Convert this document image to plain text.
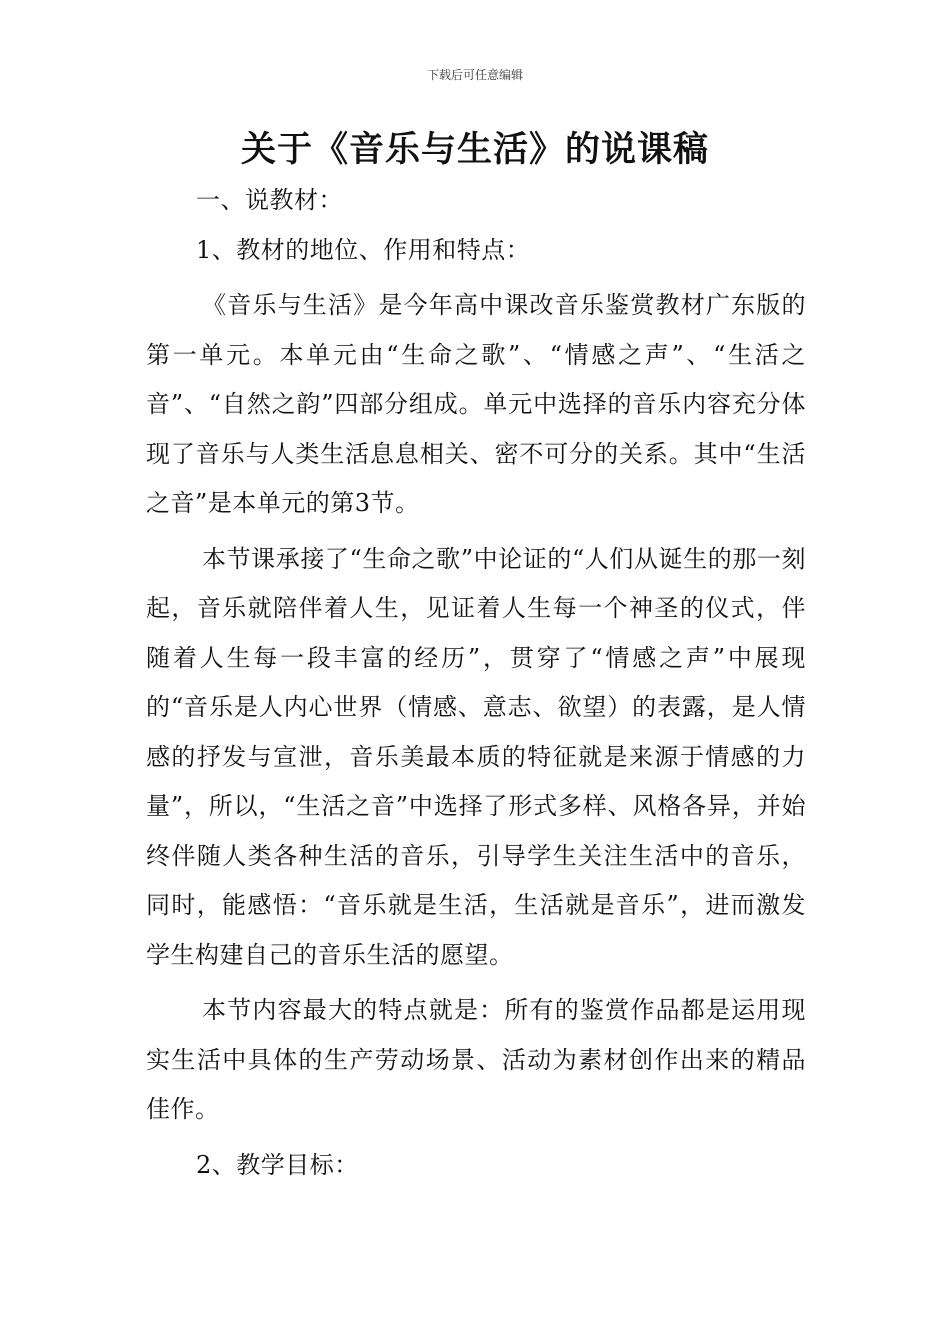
下载后可任意编辑
关于《音乐与生活》的说课稿

一、说教材：

1、教材的地位、作用和特点：

《音乐与生活》是今年高中课改音乐鉴赏教材广东版的第一单元。本单元由“生命之歌”、“情感之声”、“生活之音”、“自然之韵”四部分组成。单元中选择的音乐内容充分体现了音乐与人类生活息息相关、密不可分的关系。其中“生活之音”是本单元的第3节。

本节课承接了“生命之歌”中论证的“人们从诞生的那一刻起，音乐就陪伴着人生，见证着人生每一个神圣的仪式，伴随着人生每一段丰富的经历”，贯穿了“情感之声”中展现的“音乐是人内心世界（情感、意志、欲望）的表露，是人情感的抒发与宣泄，音乐美最本质的特征就是来源于情感的力量”，所以，“生活之音”中选择了形式多样、风格各异，并始终伴随人类各种生活的音乐，引导学生关注生活中的音乐，同时，能感悟：“音乐就是生活，生活就是音乐”，进而激发学生构建自己的音乐生活的愿望。

本节内容最大的特点就是：所有的鉴赏作品都是运用现实生活中具体的生产劳动场景、活动为素材创作出来的精品佳作。

2、教学目标：
